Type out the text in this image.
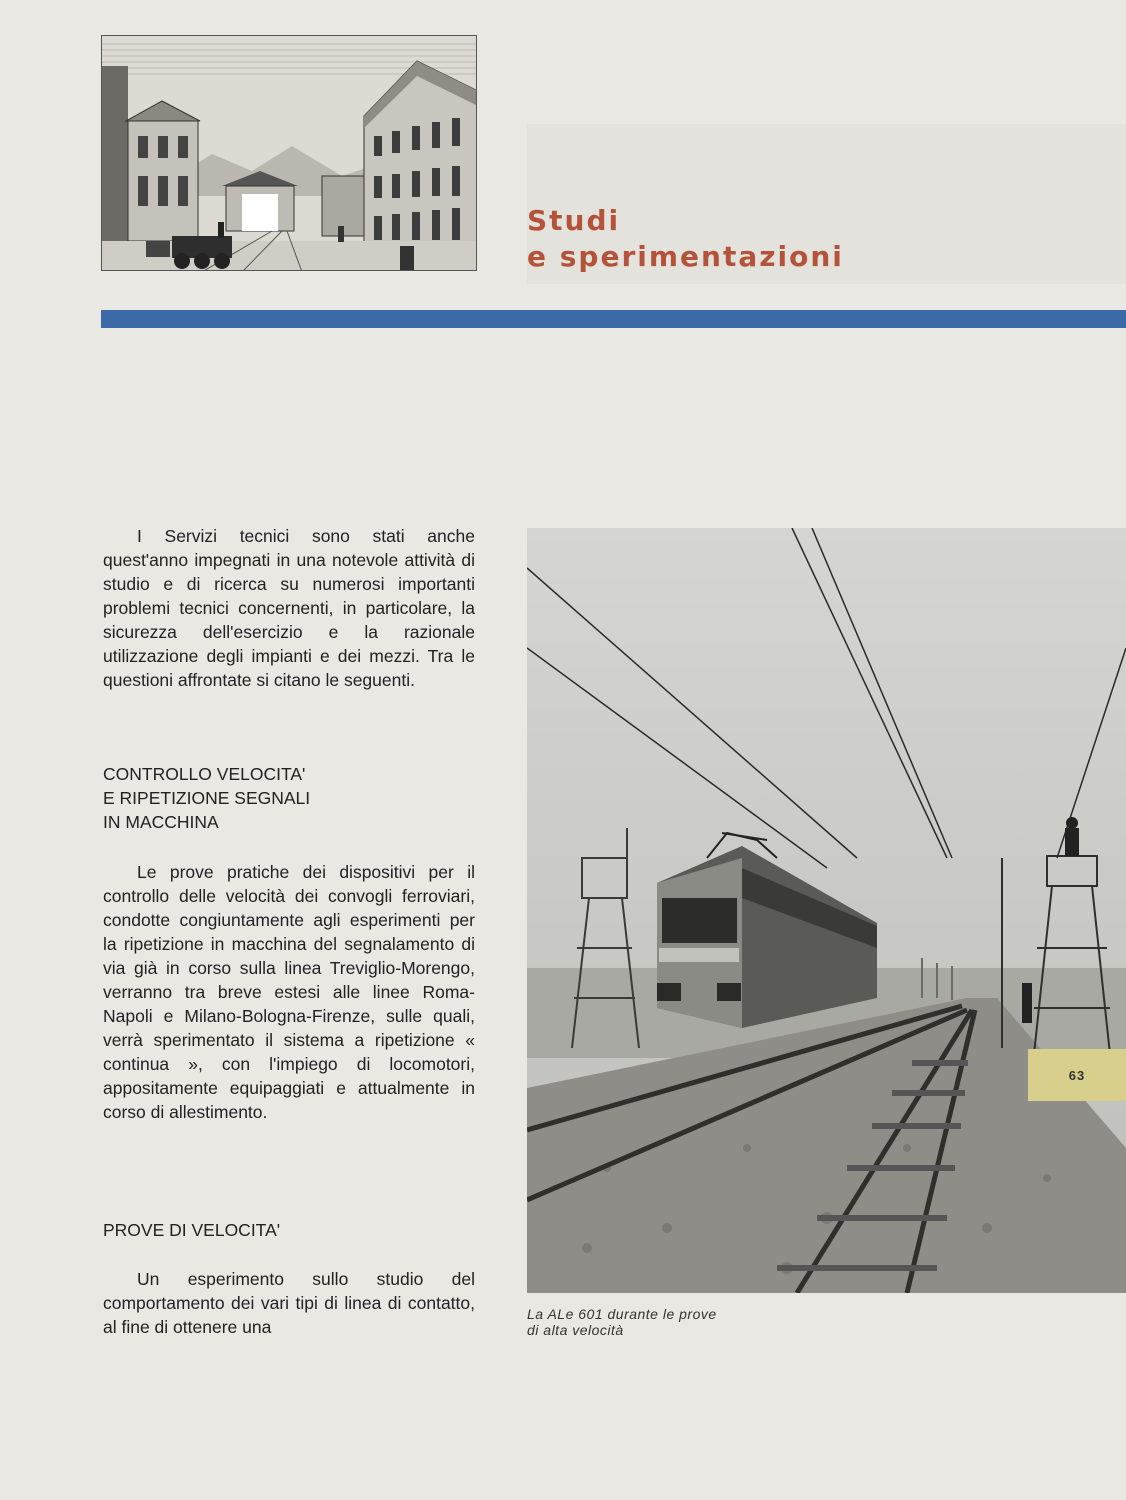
Studi
e sperimentazioni

I Servizi tecnici sono stati anche quest'anno impegnati in una notevole attività di studio e di ricerca su numerosi importanti problemi tecnici concernenti, in particolare, la sicurezza dell'esercizio e la razionale utilizzazione degli impianti e dei mezzi. Tra le questioni affrontate si citano le seguenti.

CONTROLLO VELOCITA'
E RIPETIZIONE SEGNALI
IN MACCHINA

Le prove pratiche dei dispositivi per il controllo delle velocità dei convogli ferroviari, condotte congiuntamente agli esperimenti per la ripetizione in macchina del segnalamento di via già in corso sulla linea Treviglio-Morengo, verranno tra breve estesi alle linee Roma-Napoli e Milano-Bologna-Firenze, sulle quali, verrà sperimentato il sistema a ripetizione « continua », con l'impiego di locomotori, appositamente equipaggiati e attualmente in corso di allestimento.

PROVE DI VELOCITA'

Un esperimento sullo studio del comportamento dei vari tipi di linea di contatto, al fine di ottenere una

La ALe 601 durante le prove
di alta velocità
63
